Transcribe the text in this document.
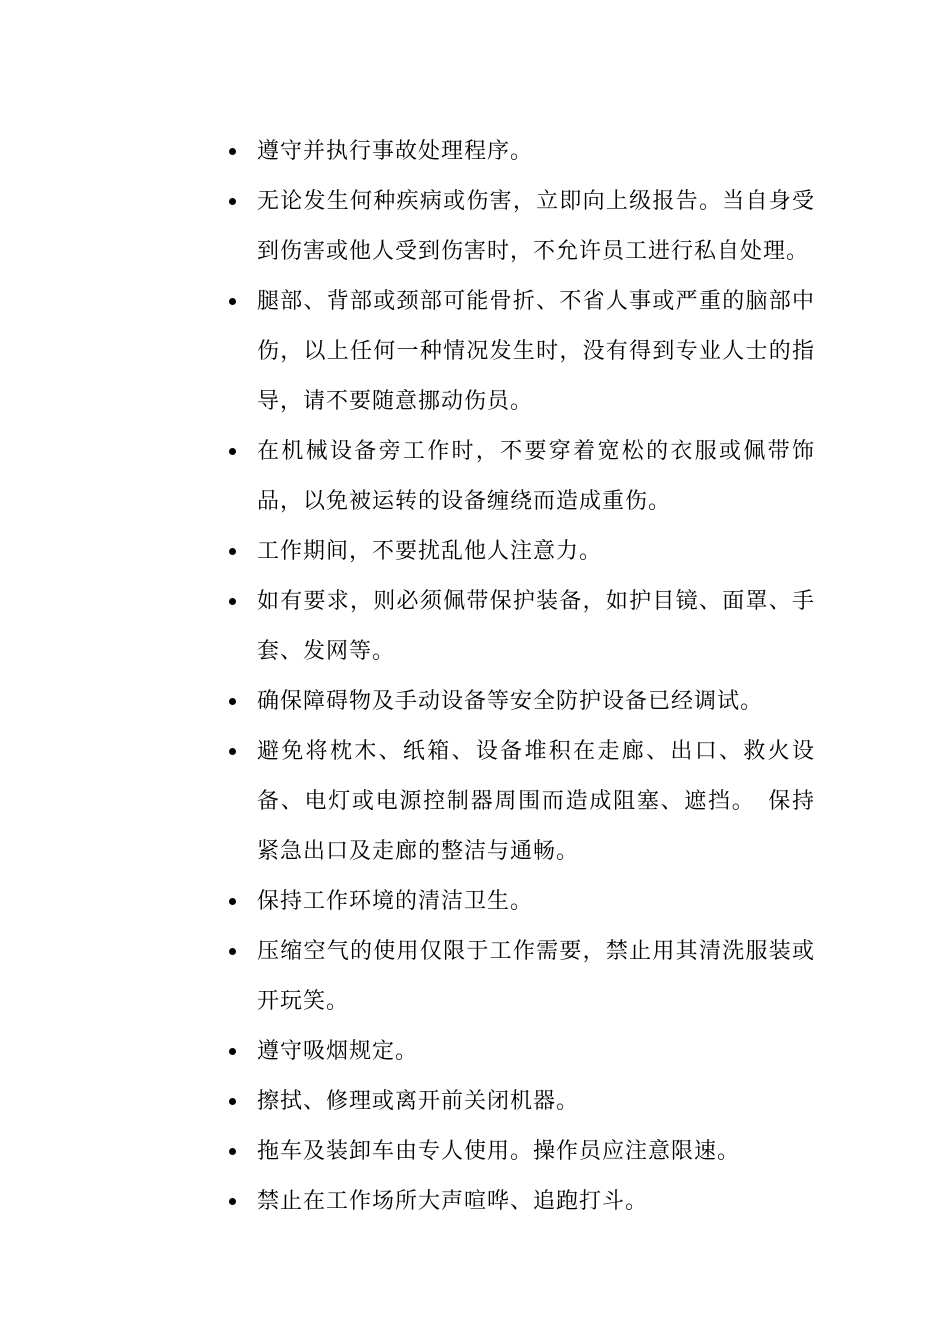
遵守并执行事故处理程序。
无论发生何种疾病或伤害，立即向上级报告。当自身受到伤害或他人受到伤害时，不允许员工进行私自处理。
腿部、背部或颈部可能骨折、不省人事或严重的脑部中伤，以上任何一种情况发生时，没有得到专业人士的指导，请不要随意挪动伤员。
在机械设备旁工作时，不要穿着宽松的衣服或佩带饰品，以免被运转的设备缠绕而造成重伤。
工作期间，不要扰乱他人注意力。
如有要求，则必须佩带保护装备，如护目镜、面罩、手套、发网等。
确保障碍物及手动设备等安全防护设备已经调试。
避免将枕木、纸箱、设备堆积在走廊、出口、救火设备、电灯或电源控制器周围而造成阻塞、遮挡。　保持紧急出口及走廊的整洁与通畅。
保持工作环境的清洁卫生。
压缩空气的使用仅限于工作需要，禁止用其清洗服装或开玩笑。
遵守吸烟规定。
擦拭、修理或离开前关闭机器。
拖车及装卸车由专人使用。操作员应注意限速。
禁止在工作场所大声喧哗、追跑打斗。
